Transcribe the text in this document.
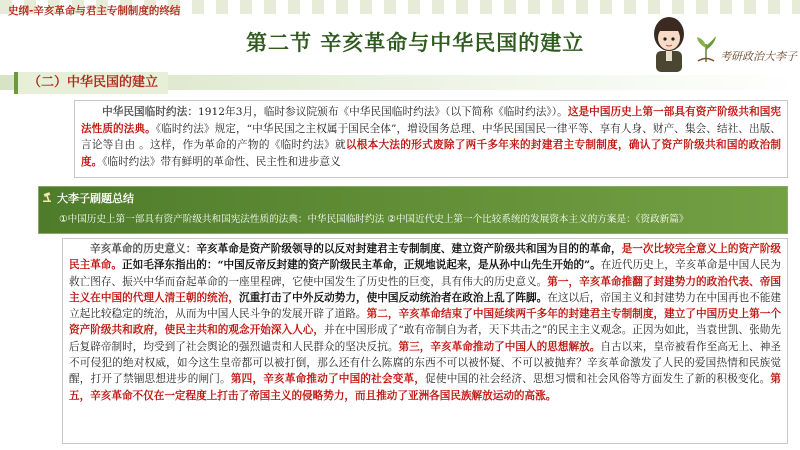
史纲-辛亥革命与君主专制制度的终结
第二节 辛亥革命与中华民国的建立
考研政治大李子
（二）中华民国的建立
中华民国临时约法：1912年3月，临时参议院颁布《中华民国临时约法》（以下简称《临时约法》）。这是中国历史上第一部具有资产阶级共和国宪法性质的法典。《临时约法》规定，“中华民国之主权属于国民全体”，增设国务总理、中华民国国民一律平等、享有人身、财产、集会、结社、出版、言论等自由 。这样，作为革命的产物的《临时约法》就以根本大法的形式废除了两千多年来的封建君主专制制度，确认了资产阶级共和国的政治制度。《临时约法》带有鲜明的革命性、民主性和进步意义
大李子刷题总结
①中国历史上第一部具有资产阶级共和国宪法性质的法典：中华民国临时约法 ②中国近代史上第一个比较系统的发展资本主义的方案是：《资政新篇》
辛亥革命的历史意义：辛亥革命是资产阶级领导的以反对封建君主专制制度、建立资产阶级共和国为目的的革命，是一次比较完全意义上的资产阶级民主革命。正如毛泽东指出的：“中国反帝反封建的资产阶级民主革命，正规地说起来，是从孙中山先生开始的”。在近代历史上，辛亥革命是中国人民为救亡图存、振兴中华而奋起革命的一座里程碑，它使中国发生了历史性的巨变，具有伟大的历史意义。第一，辛亥革命推翻了封建势力的政治代表、帝国主义在中国的代理人清王朝的统治，沉重打击了中外反动势力，使中国反动统治者在政治上乱了阵脚。在这以后，帝国主义和封建势力在中国再也不能建立起比较稳定的统治，从而为中国人民斗争的发展开辟了道路。第二，辛亥革命结束了中国延续两千多年的封建君主专制制度，建立了中国历史上第一个资产阶级共和政府，使民主共和的观念开始深入人心，并在中国形成了“敢有帝制自为者，天下共击之”的民主主义观念。正因为如此，当袁世凯、张勋先后复辟帝制时，均受到了社会舆论的强烈谴责和人民群众的坚决反抗。第三，辛亥革命推动了中国人的思想解放。自古以来，皇帝被看作至高无上、神圣不可侵犯的绝对权威，如今这生皇帝都可以被打倒，那么还有什么陈腐的东西不可以被怀疑、不可以被抛弃？辛亥革命激发了人民的爱国热情和民族觉醒，打开了禁锢思想进步的闸门。第四，辛亥革命推动了中国的社会变革，促使中国的社会经济、思想习惯和社会风俗等方面发生了新的积极变化。第五，辛亥革命不仅在一定程度上打击了帝国主义的侵略势力，而且推动了亚洲各国民族解放运动的高涨。
